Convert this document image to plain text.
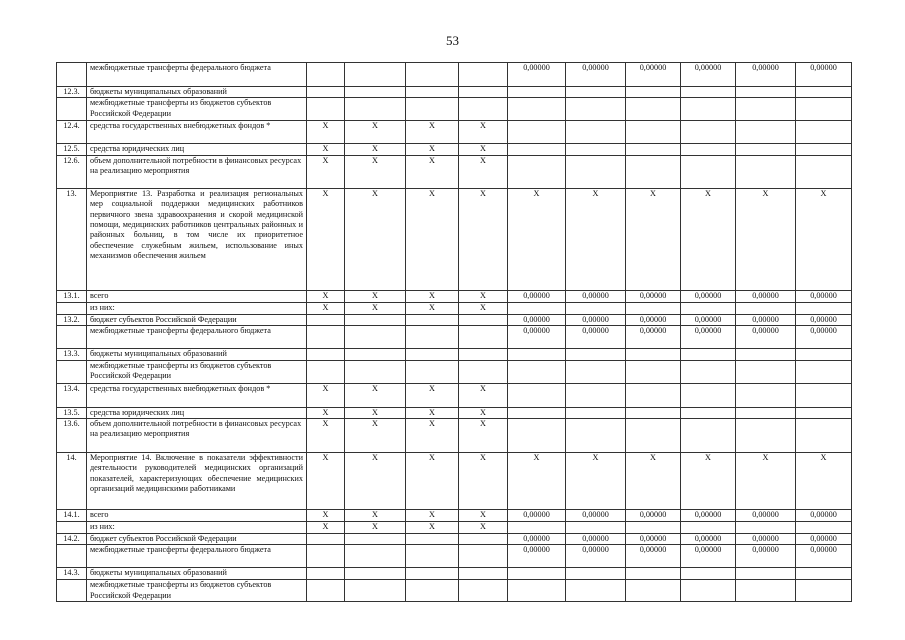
53
	межбюджетные трансферты федерального бюджета					0,00000	0,00000	0,00000	0,00000	0,00000	0,00000
12.3.	бюджеты муниципальных образований										
	межбюджетные трансферты из бюджетов субъектов Российской Федерации										
12.4.	средства государственных внебюджетных фондов *	X	X	X	X						
12.5.	средства юридических лиц	X	X	X	X						
12.6.	объем дополнительной потребности в финансовых ресурсах на реализацию мероприятия	X	X	X	X						
13.	Мероприятие 13. Разработка и реализация региональных мер социальной поддержки медицинских работников первичного звена здравоохранения и скорой медицинской помощи, медицинских работников центральных районных и районных больниц, в том числе их приоритетное обеспечение служебным жильем, использование иных механизмов обеспечения жильем	X	X	X	X	X	X	X	X	X	X
13.1.	всего	X	X	X	X	0,00000	0,00000	0,00000	0,00000	0,00000	0,00000
	из них:	X	X	X	X						
13.2.	бюджет субъектов Российской Федерации					0,00000	0,00000	0,00000	0,00000	0,00000	0,00000
	межбюджетные трансферты федерального бюджета					0,00000	0,00000	0,00000	0,00000	0,00000	0,00000
13.3.	бюджеты муниципальных образований										
	межбюджетные трансферты из бюджетов субъектов Российской Федерации										
13.4.	средства государственных внебюджетных фондов *	X	X	X	X						
13.5.	средства юридических лиц	X	X	X	X						
13.6.	объем дополнительной потребности в финансовых ресурсах на реализацию мероприятия	X	X	X	X						
14.	Мероприятие 14. Включение в показатели эффективности деятельности руководителей медицинских организаций показателей, характеризующих обеспечение медицинских организаций медицинскими работниками	X	X	X	X	X	X	X	X	X	X
14.1.	всего	X	X	X	X	0,00000	0,00000	0,00000	0,00000	0,00000	0,00000
	из них:	X	X	X	X						
14.2.	бюджет субъектов Российской Федерации					0,00000	0,00000	0,00000	0,00000	0,00000	0,00000
	межбюджетные трансферты федерального бюджета					0,00000	0,00000	0,00000	0,00000	0,00000	0,00000
14.3.	бюджеты муниципальных образований										
	межбюджетные трансферты из бюджетов субъектов Российской Федерации										
